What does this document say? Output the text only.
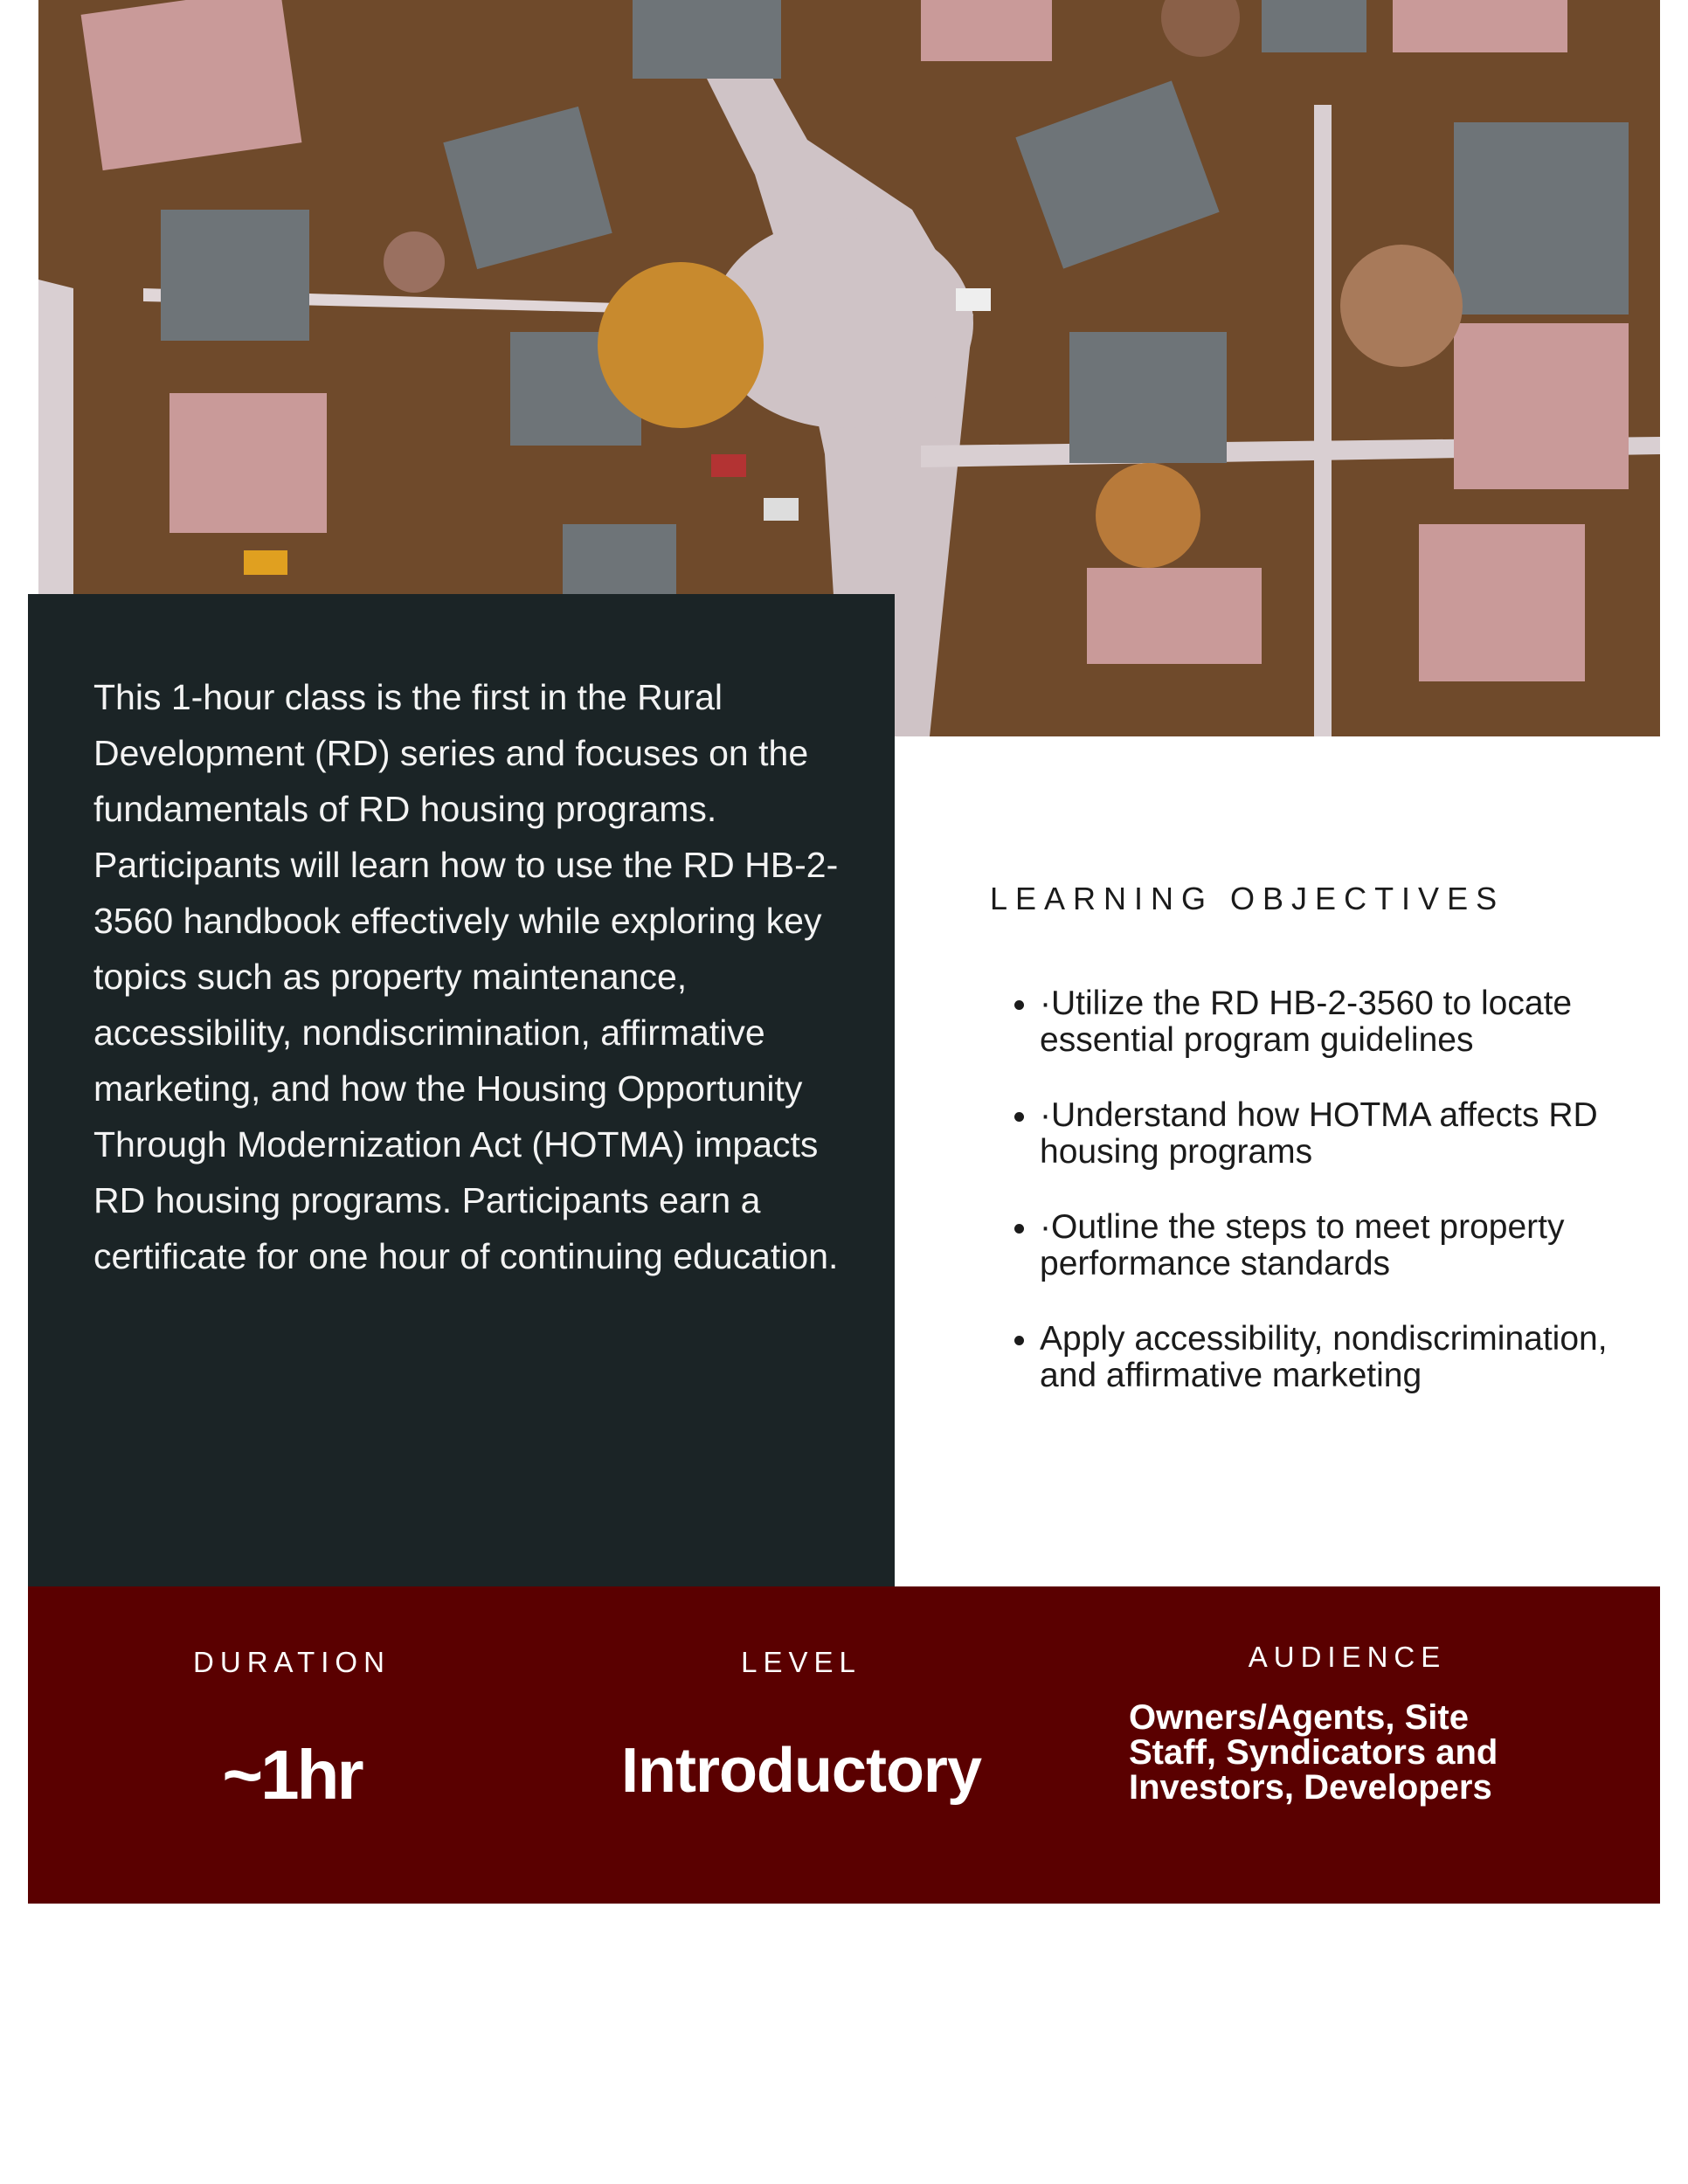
This 1-hour class is the first in the Rural Development (RD) series and focuses on the fundamentals of RD housing programs. Participants will learn how to use the RD HB-2-3560 handbook effectively while exploring key topics such as property maintenance, accessibility, nondiscrimination, affirmative marketing, and how the Housing Opportunity Through Modernization Act (HOTMA) impacts RD housing programs. Participants earn a certificate for one hour of continuing education.

LEARNING OBJECTIVES
• ·Utilize the RD HB-2-3560 to locate essential program guidelines
• ·Understand how HOTMA affects RD housing programs
• ·Outline the steps to meet property performance standards
• Apply accessibility, nondiscrimination, and affirmative marketing

DURATION

~1hr

LEVEL

Introductory

AUDIENCE

Owners/Agents, Site Staff, Syndicators and Investors, Developers
